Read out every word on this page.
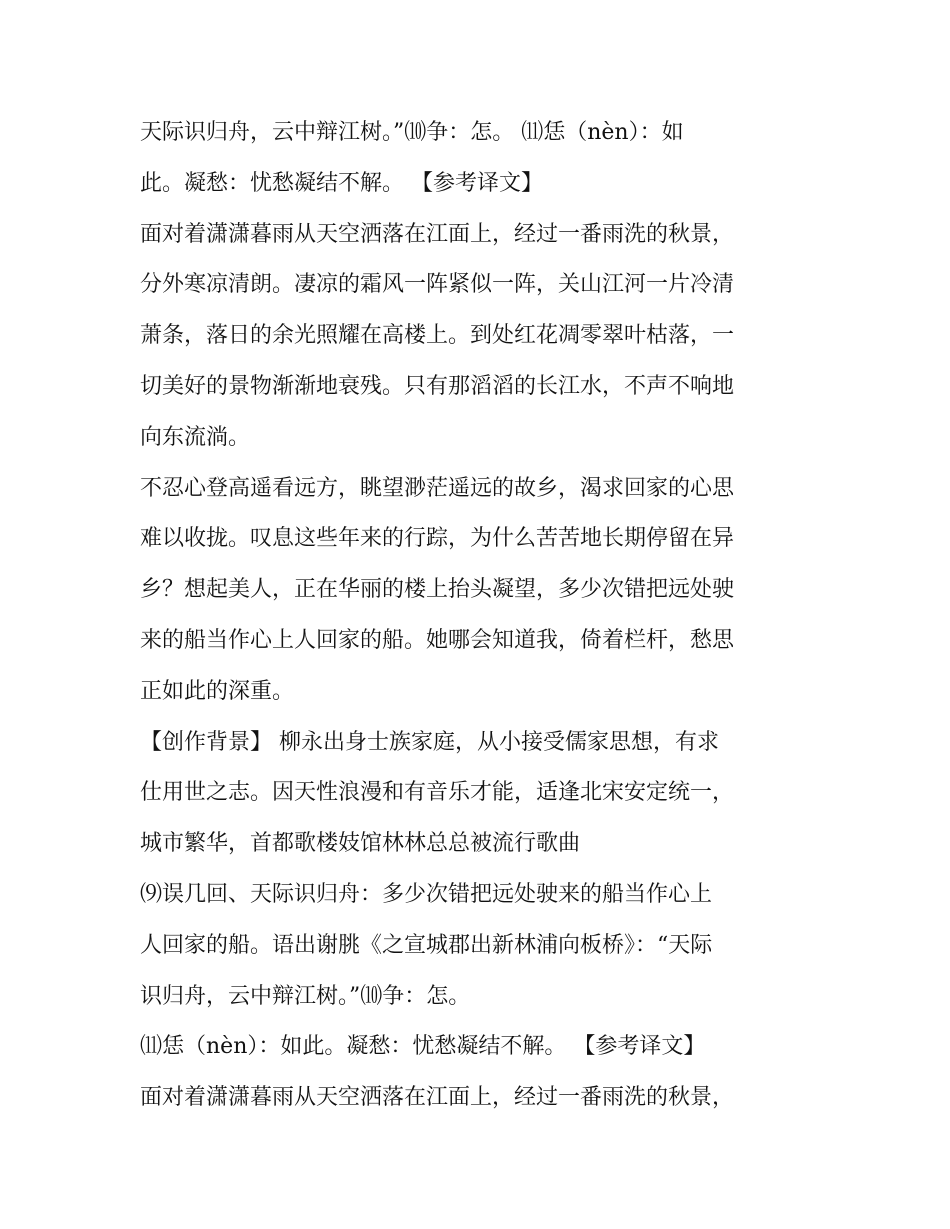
天际识归舟，云中辩江树。”⑽争：怎。 ⑾恁（nèn）：如
此。凝愁：忧愁凝结不解。 【参考译文】
面对着潇潇暮雨从天空洒落在江面上，经过一番雨洗的秋景，
分外寒凉清朗。凄凉的霜风一阵紧似一阵，关山江河一片冷清
萧条，落日的余光照耀在高楼上。到处红花凋零翠叶枯落，一
切美好的景物渐渐地衰残。只有那滔滔的长江水，不声不响地
向东流淌。
不忍心登高遥看远方，眺望渺茫遥远的故乡，渴求回家的心思
难以收拢。叹息这些年来的行踪，为什么苦苦地长期停留在异
乡？想起美人，正在华丽的楼上抬头凝望，多少次错把远处驶
来的船当作心上人回家的船。她哪会知道我，倚着栏杆，愁思
正如此的深重。
【创作背景】 柳永出身士族家庭，从小接受儒家思想，有求
仕用世之志。因天性浪漫和有音乐才能，适逢北宋安定统一，
城市繁华，首都歌楼妓馆林林总总被流行歌曲
⑼误几回、天际识归舟：多少次错把远处驶来的船当作心上
人回家的船。语出谢朓《之宣城郡出新林浦向板桥》：“天际
识归舟，云中辩江树。”⑽争：怎。
⑾恁（nèn）：如此。凝愁：忧愁凝结不解。 【参考译文】
面对着潇潇暮雨从天空洒落在江面上，经过一番雨洗的秋景，
